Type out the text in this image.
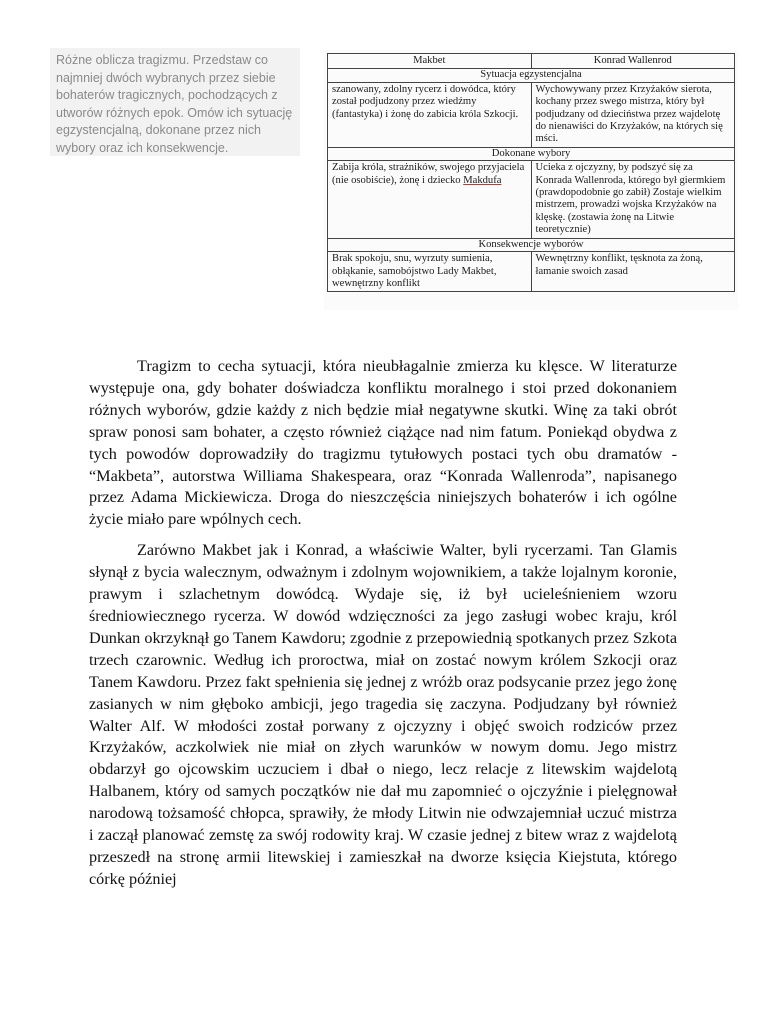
Różne oblicza tragizmu. Przedstaw co najmniej dwóch wybranych przez siebie bohaterów tragicznych, pochodzących z utworów różnych epok. Omów ich sytuację egzystencjalną, dokonane przez nich wybory oraz ich konsekwencje.

Makbet	Konrad Wallenrod
Sytuacja egzystencjalna	
szanowany, zdolny rycerz i dowódca, który został podjudzony przez wiedźmy (fantastyka) i żonę do zabicia króla Szkocji.	Wychowywany przez Krzyżaków sierota, kochany przez swego mistrza, który był podjudzany od dzieciństwa przez wajdelotę do nienawiści do Krzyżaków, na których się mści.
Dokonane wybory	
Zabija króla, strażników, swojego przyjaciela (nie osobiście), żonę i dziecko Makdufa	Ucieka z ojczyzny, by podszyć się za Konrada Wallenroda, którego był giermkiem (prawdopodobnie go zabił) Zostaje wielkim mistrzem, prowadzi wojska Krzyżaków na klęskę. (zostawia żonę na Litwie teoretycznie)
Konsekwencje wyborów	
Brak spokoju, snu, wyrzuty sumienia, obłąkanie, samobójstwo Lady Makbet, wewnętrzny konflikt	Wewnętrzny konflikt, tęsknota za żoną, łamanie swoich zasad

Tragizm to cecha sytuacji, która nieubłagalnie zmierza ku klęsce. W literaturze występuje ona, gdy bohater doświadcza konfliktu moralnego i stoi przed dokonaniem różnych wyborów, gdzie każdy z nich będzie miał negatywne skutki. Winę za taki obrót spraw ponosi sam bohater, a często również ciążące nad nim fatum. Poniekąd obydwa z tych powodów doprowadziły do tragizmu tytułowych postaci tych obu dramatów - “Makbeta”, autorstwa Williama Shakespeara, oraz “Konrada Wallenroda”, napisanego przez Adama Mickiewicza. Droga do nieszczęścia niniejszych bohaterów i ich ogólne życie miało pare wpólnych cech.

Zarówno Makbet jak i Konrad, a właściwie Walter, byli rycerzami. Tan Glamis słynął z bycia walecznym, odważnym i zdolnym wojownikiem, a także lojalnym koronie, prawym i szlachetnym dowódcą. Wydaje się, iż był ucieleśnieniem wzoru średniowiecznego rycerza. W dowód wdzięczności za jego zasługi wobec kraju, król Dunkan okrzyknął go Tanem Kawdoru; zgodnie z przepowiednią spotkanych przez Szkota trzech czarownic. Według ich proroctwa, miał on zostać nowym królem Szkocji oraz Tanem Kawdoru. Przez fakt spełnienia się jednej z wróżb oraz podsycanie przez jego żonę zasianych w nim głęboko ambicji, jego tragedia się zaczyna. Podjudzany był również Walter Alf. W młodości został porwany z ojczyzny i objęć swoich rodziców przez Krzyżaków, aczkolwiek nie miał on złych warunków w nowym domu. Jego mistrz obdarzył go ojcowskim uczuciem i dbał o niego, lecz relacje z litewskim wajdelotą Halbanem, który od samych początków nie dał mu zapomnieć o ojczyźnie i pielęgnował narodową tożsamość chłopca, sprawiły, że młody Litwin nie odwzajemniał uczuć mistrza i zaczął planować zemstę za swój rodowity kraj. W czasie jednej z bitew wraz z wajdelotą przeszedł na stronę armii litewskiej i zamieszkał na dworze księcia Kiejstuta, którego córkę później
